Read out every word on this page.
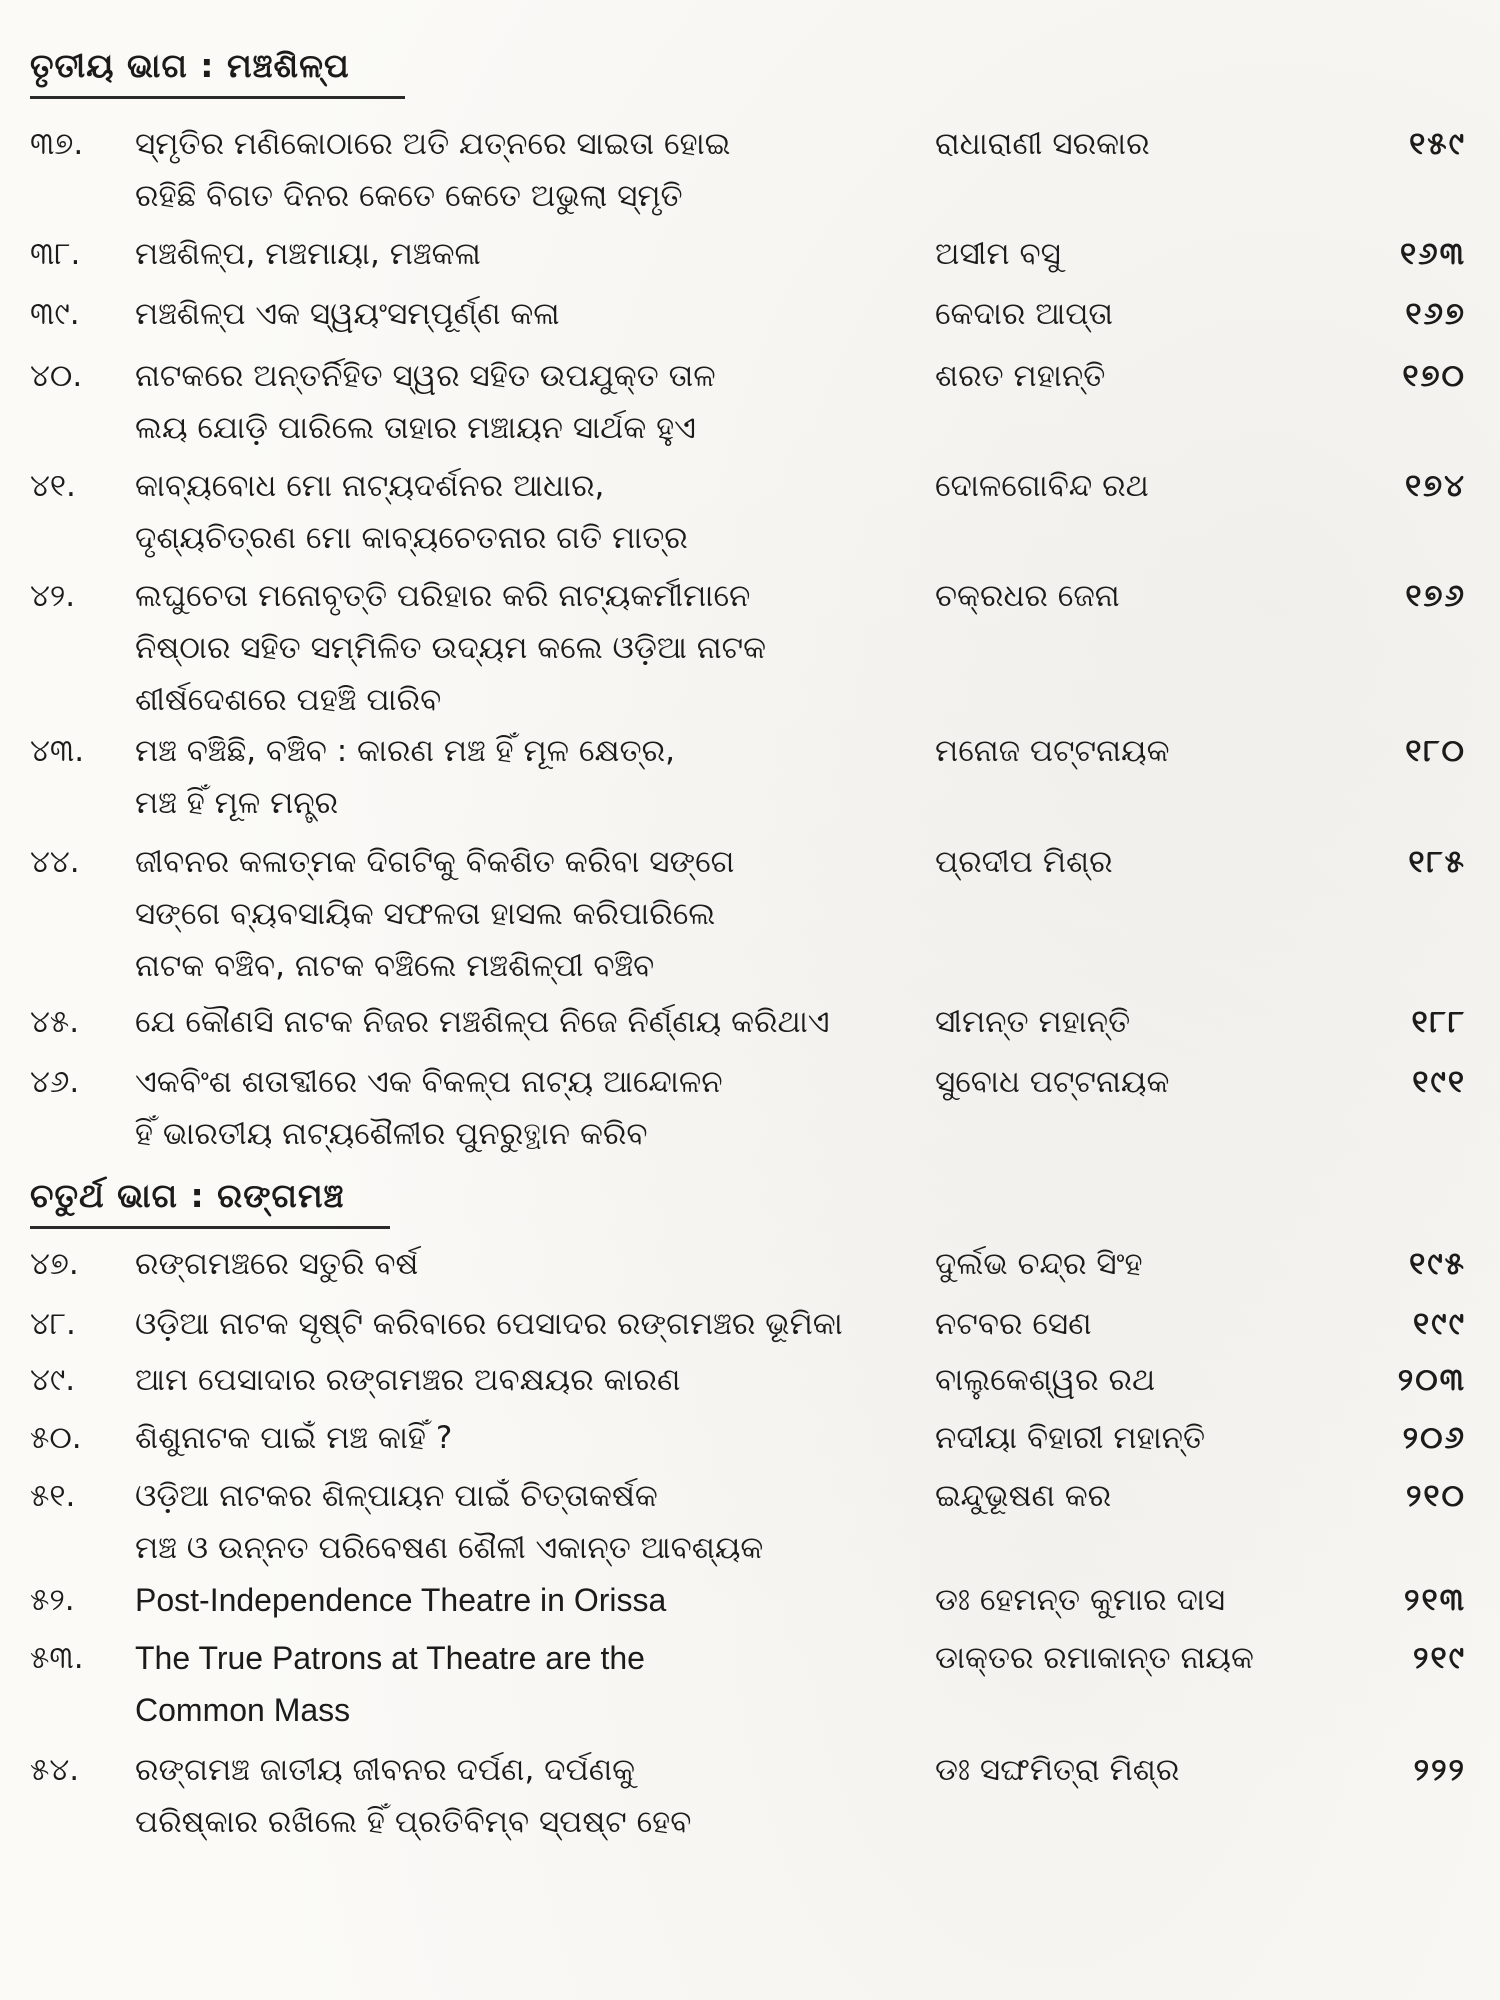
ତୃତୀୟ ଭାଗ : ମଞ୍ଚଶିଳ୍ପ
୩୭.	ସ୍ମୃତିର ମଣିକୋଠାରେ ଅତି ଯତ୍ନରେ ସାଇତା ହୋଇ
ରହିଛି ବିଗତ ଦିନର କେତେ କେତେ ଅଭୁଲା ସ୍ମୃତି
ରାଧାରାଣୀ ସରକାର	୧୫୯
୩୮.	ମଞ୍ଚଶିଳ୍ପ, ମଞ୍ଚମାୟା, ମଞ୍ଚକଳା	ଅସୀମ ବସୁ	୧୬୩
୩୯.	ମଞ୍ଚଶିଳ୍ପ ଏକ ସ୍ୱୟଂସମ୍ପୂର୍ଣ୍ଣ କଳା	କେଦାର ଆପ୍ତା	୧୬୭
୪୦.	ନାଟକରେ ଅନ୍ତର୍ନିହିତ ସ୍ୱର ସହିତ ଉପଯୁକ୍ତ ତାଳ
ଲୟ ଯୋଡ଼ି ପାରିଲେ ତାହାର ମଞ୍ଚାୟନ ସାର୍ଥକ ହୁଏ
ଶରତ ମହାନ୍ତି	୧୭୦
୪୧.	କାବ୍ୟବୋଧ ମୋ ନାଟ୍ୟଦର୍ଶନର ଆଧାର,
ଦୃଶ୍ୟଚିତ୍ରଣ ମୋ କାବ୍ୟଚେତନାର ଗତି ମାତ୍ର
ଦୋଳଗୋବିନ୍ଦ ରଥ	୧୭୪
୪୨.	ଲଘୁଚେତା ମନୋବୃତ୍ତି ପରିହାର କରି ନାଟ୍ୟକର୍ମୀମାନେ
ନିଷ୍ଠାର ସହିତ ସମ୍ମିଳିତ ଉଦ୍ୟମ କଲେ ଓଡ଼ିଆ ନାଟକ
ଶୀର୍ଷଦେଶରେ ପହଞ୍ଚି ପାରିବ
ଚକ୍ରଧର ଜେନା	୧୭୬
୪୩.	ମଞ୍ଚ ବଞ୍ଚିଛି, ବଞ୍ଚିବ : କାରଣ ମଞ୍ଚ ହିଁ ମୂଳ କ୍ଷେତ୍ର,
ମଞ୍ଚ ହିଁ ମୂଳ ମନ୍ତ୍ର
ମନୋଜ ପଟ୍ଟନାୟକ	୧୮୦
୪୪.	ଜୀବନର କଳାତ୍ମକ ଦିଗଟିକୁ ବିକଶିତ କରିବା ସଙ୍ଗେ
ସଙ୍ଗେ ବ୍ୟବସାୟିକ ସଫଳତା ହାସଲ କରିପାରିଲେ
ନାଟକ ବଞ୍ଚିବ, ନାଟକ ବଞ୍ଚିଲେ ମଞ୍ଚଶିଳ୍ପୀ ବଞ୍ଚିବ
ପ୍ରଦୀପ ମିଶ୍ର	୧୮୫
୪୫.	ଯେ କୌଣସି ନାଟକ ନିଜର ମଞ୍ଚଶିଳ୍ପ ନିଜେ ନିର୍ଣ୍ଣୟ କରିଥାଏ	ସୀମନ୍ତ ମହାନ୍ତି	୧୮୮
୪୬.	ଏକବିଂଶ ଶତାବ୍ଦୀରେ ଏକ ବିକଳ୍ପ ନାଟ୍ୟ ଆନ୍ଦୋଳନ
ହିଁ ଭାରତୀୟ ନାଟ୍ୟଶୈଳୀର ପୁନରୁତ୍ଥାନ କରିବ
ସୁବୋଧ ପଟ୍ଟନାୟକ	୧୯୧
ଚତୁର୍ଥ ଭାଗ : ରଙ୍ଗମଞ୍ଚ
୪୭.	ରଙ୍ଗମଞ୍ଚରେ ସତୁରି ବର୍ଷ	ଦୁର୍ଲଭ ଚନ୍ଦ୍ର ସିଂହ	୧୯୫
୪୮.	ଓଡ଼ିଆ ନାଟକ ସୃଷ୍ଟି କରିବାରେ ପେସାଦର ରଙ୍ଗମଞ୍ଚର ଭୂମିକା	ନଟବର ସେଣ	୧୯୯
୪୯.	ଆମ ପେସାଦାର ରଙ୍ଗମଞ୍ଚର ଅବକ୍ଷୟର କାରଣ	ବାଲୁକେଶ୍ୱର ରଥ	୨୦୩
୫୦.	ଶିଶୁନାଟକ ପାଇଁ ମଞ୍ଚ କାହିଁ ?	ନଦୀୟା ବିହାରୀ ମହାନ୍ତି	୨୦୬
୫୧.	ଓଡ଼ିଆ ନାଟକର ଶିଳ୍ପାୟନ ପାଇଁ ଚିତ୍ତାକର୍ଷକ
ମଞ୍ଚ ଓ ଉନ୍ନତ ପରିବେଷଣ ଶୈଳୀ ଏକାନ୍ତ ଆବଶ୍ୟକ
ଇନ୍ଦୁଭୂଷଣ କର	୨୧୦
୫୨.	Post-Independence Theatre in Orissa	ଡଃ ହେମନ୍ତ କୁମାର ଦାସ	୨୧୩
୫୩.	The True Patrons at Theatre are the
Common Mass
ଡାକ୍ତର ରମାକାନ୍ତ ନାୟକ	୨୧୯
୫୪.	ରଙ୍ଗମଞ୍ଚ ଜାତୀୟ ଜୀବନର ଦର୍ପଣ, ଦର୍ପଣକୁ
ପରିଷ୍କାର ରଖିଲେ ହିଁ ପ୍ରତିବିମ୍ବ ସ୍ପଷ୍ଟ ହେବ
ଡଃ ସଙ୍ଘମିତ୍ରା ମିଶ୍ର	୨୨୨
